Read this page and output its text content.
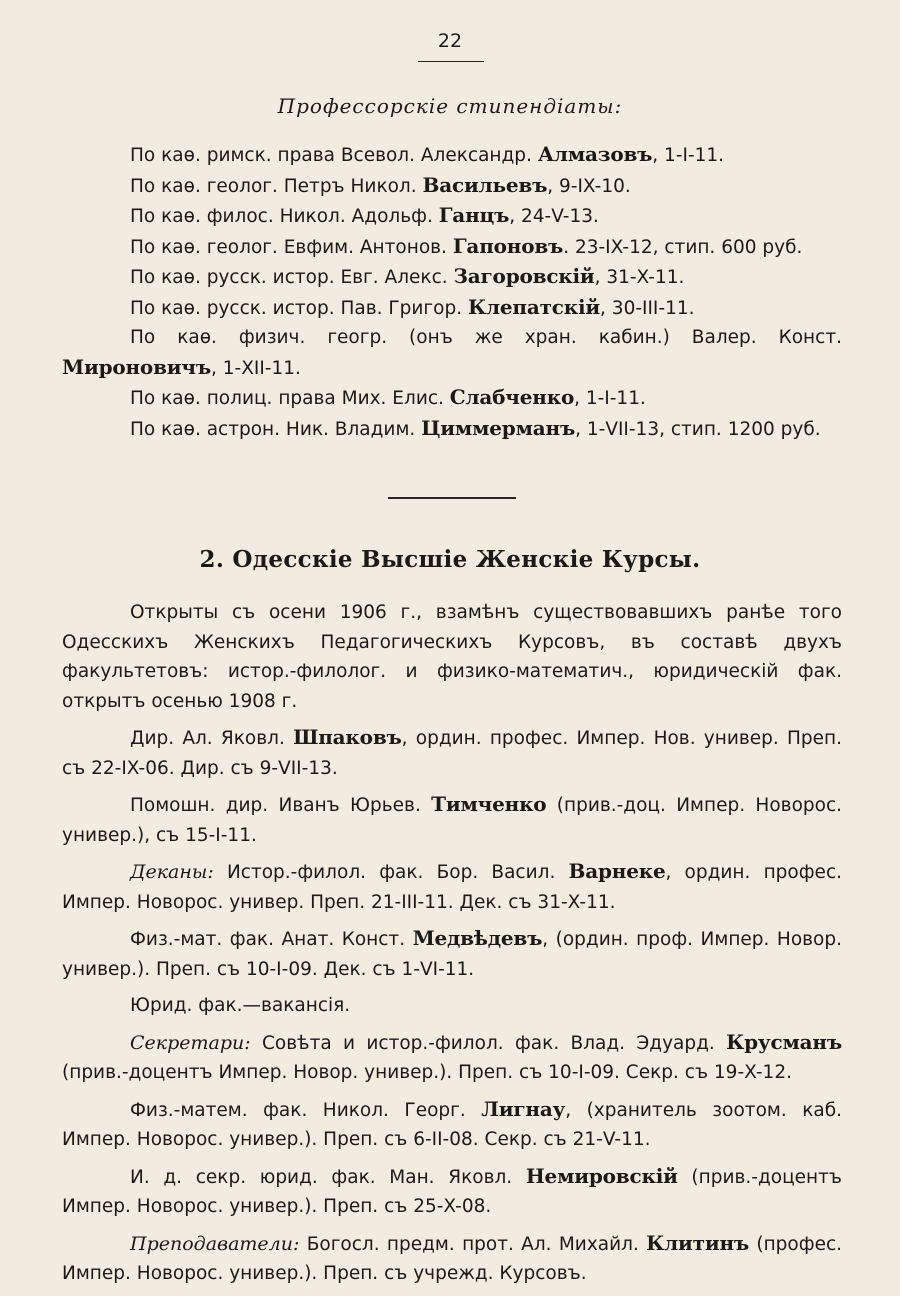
22
Профессорскіе стипендіаты:

По каѳ. римск. права Всевол. Александр. Алмазовъ, 1-I-11.

По каѳ. геолог. Петръ Никол. Васильевъ, 9-IX-10.

По каѳ. филос. Никол. Адольф. Ганцъ, 24-V-13.

По каѳ. геолог. Евфим. Антонов. Гапоновъ. 23-IX-12, стип. 600 руб.

По каѳ. русск. истор. Евг. Алекс. Загоровскій, 31-X-11.

По каѳ. русск. истор. Пав. Григор. Клепатскій, 30-III-11.

По каѳ. физич. геогр. (онъ же хран. кабин.) Валер. Конст. Мироновичъ, 1-XII-11.

По каѳ. полиц. права Мих. Елис. Слабченко, 1-I-11.

По каѳ. астрон. Ник. Владим. Циммерманъ, 1-VII-13, стип. 1200 руб.

2. Одесскіе Высшіе Женскіе Курсы.

Открыты съ осени 1906 г., взамѣнъ существовавшихъ ранѣе того Одесскихъ Женскихъ Педагогическихъ Курсовъ, въ составѣ двухъ факультетовъ: истор.-филолог. и физико-математич., юридическій фак. открытъ осенью 1908 г.

Дир. Ал. Яковл. Шпаковъ, ордин. профес. Импер. Нов. универ. Преп. съ 22-IX-06. Дир. съ 9-VII-13.

Помошн. дир. Иванъ Юрьев. Тимченко (прив.-доц. Импер. Новорос. универ.), съ 15-I-11.

Деканы: Истор.-филол. фак. Бор. Васил. Варнеке, ордин. профес. Импер. Новорос. универ. Преп. 21-III-11. Дек. съ 31-X-11.

Физ.-мат. фак. Анат. Конст. Медвѣдевъ, (ордин. проф. Импер. Новор. универ.). Преп. съ 10-I-09. Дек. съ 1-VI-11.

Юрид. фак.—вакансія.

Секретари: Совѣта и истор.-филол. фак. Влад. Эдуард. Крусманъ (прив.-доцентъ Импер. Новор. универ.). Преп. съ 10-I-09. Секр. съ 19-X-12.

Физ.-матем. фак. Никол. Георг. Лигнау, (хранитель зоотом. каб. Импер. Новорос. универ.). Преп. съ 6-II-08. Секр. съ 21-V-11.

И. д. секр. юрид. фак. Ман. Яковл. Немировскій (прив.-доцентъ Импер. Новорос. универ.). Преп. съ 25-X-08.

Преподаватели: Богосл. предм. прот. Ал. Михайл. Клитинъ (профес. Импер. Новорос. универ.). Преп. съ учрежд. Курсовъ.
